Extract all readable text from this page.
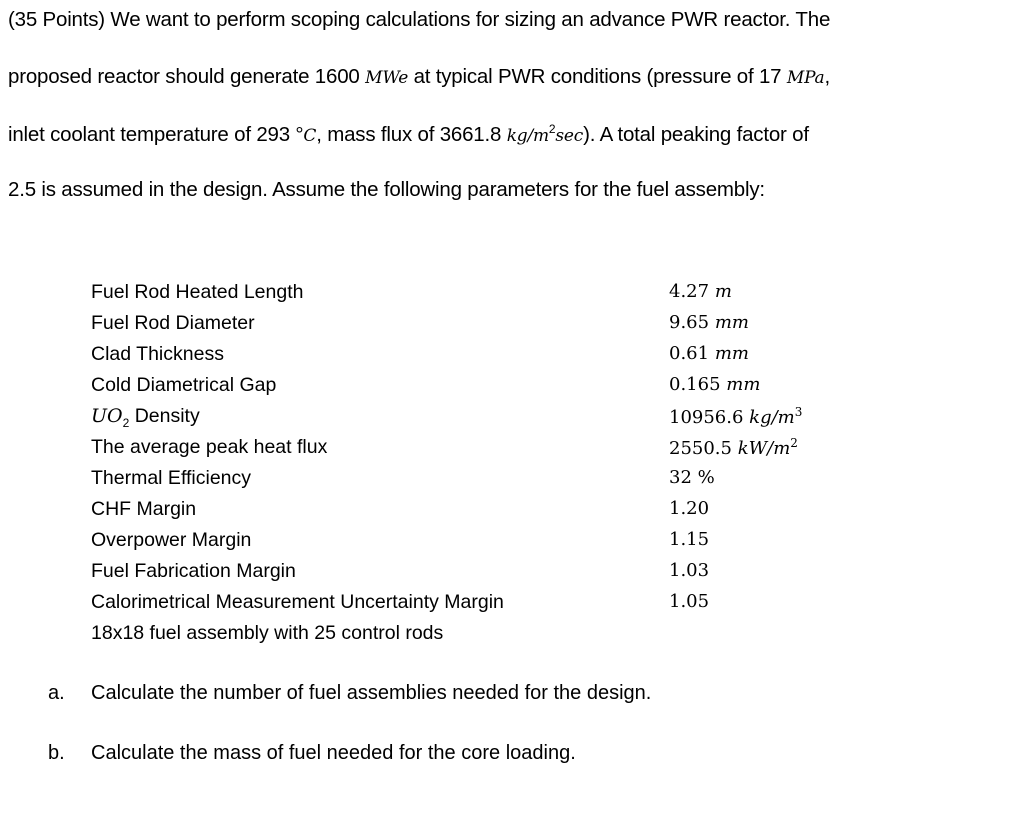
(35 Points) We want to perform scoping calculations for sizing an advance PWR reactor. The
proposed reactor should generate 1600 MWe at typical PWR conditions (pressure of 17 MPa,
inlet coolant temperature of 293 °C, mass flux of 3661.8 $kg/m^2\sec$). A total peaking factor of
2.5 is assumed in the design. Assume the following parameters for the fuel assembly:
Fuel Rod Heated Length	4.27 m
Fuel Rod Diameter	9.65 mm
Clad Thickness	0.61 mm
Cold Diametrical Gap	0.165 mm
$UO_2$ Density	10956.6 $kg/m^3$
The average peak heat flux	2550.5 $kW/m^2$
Thermal Efficiency	32 %
CHF Margin	1.20
Overpower Margin	1.15
Fuel Fabrication Margin	1.03
Calorimetrical Measurement Uncertainty Margin	1.05
18x18 fuel assembly with 25 control rods
a. Calculate the number of fuel assemblies needed for the design.
b. Calculate the mass of fuel needed for the core loading.
